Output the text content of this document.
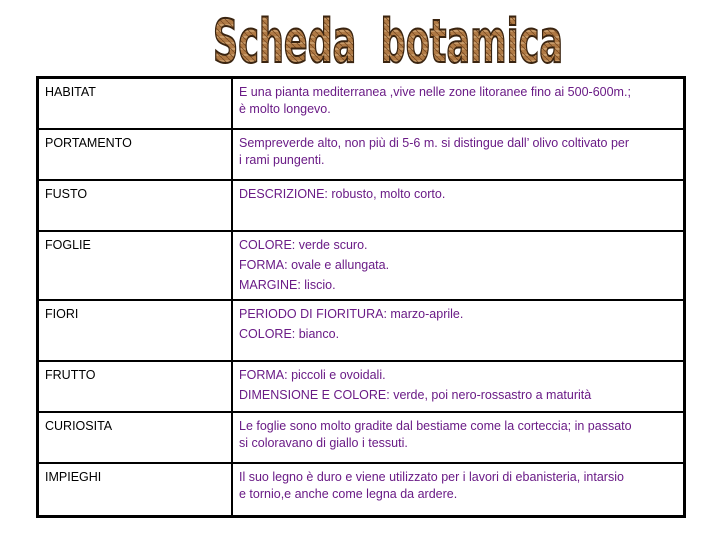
Scheda  botamica
HABITAT	E una pianta mediterranea ,vive nelle zone litoranee fino ai 500-600m.;
è molto longevo.

PORTAMENTO	Sempreverde alto, non più di 5-6 m. si distingue dall’ olivo coltivato per
i rami pungenti.

FUSTO	DESCRIZIONE: robusto, molto corto.

FOGLIE	COLORE: verde scuro.
FORMA: ovale e allungata.
MARGINE: liscio.

FIORI	PERIODO DI FIORITURA: marzo-aprile.
COLORE: bianco.

FRUTTO	FORMA: piccoli e ovoidali.
DIMENSIONE E COLORE: verde, poi nero-rossastro a maturità

CURIOSITA	Le foglie sono molto gradite dal bestiame come la corteccia; in passato
si coloravano di giallo i tessuti.

IMPIEGHI	Il suo legno è duro e viene utilizzato per i lavori di ebanisteria, intarsio
e tornio,e anche come legna da ardere.
